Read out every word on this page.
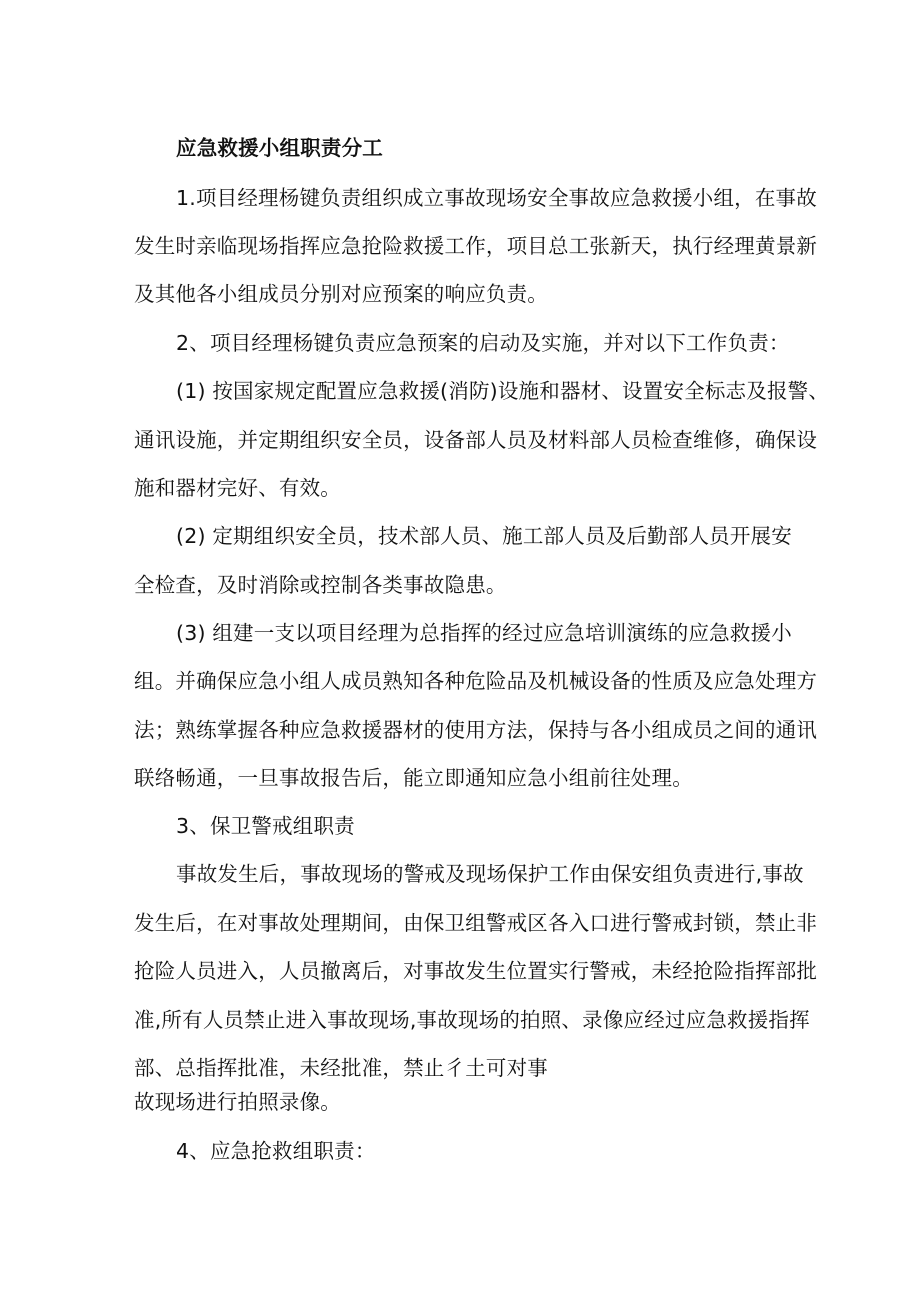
应急救援小组职责分工
1.项目经理杨键负责组织成立事故现场安全事故应急救援小组，在事故
发生时亲临现场指挥应急抢险救援工作，项目总工张新天，执行经理黄景新
及其他各小组成员分别对应预案的响应负责。
2、项目经理杨键负责应急预案的启动及实施，并对以下工作负责：
(1) 按国家规定配置应急救援(消防)设施和器材、设置安全标志及报警、
通讯设施，并定期组织安全员，设备部人员及材料部人员检查维修，确保设
施和器材完好、有效。
(2) 定期组织安全员，技术部人员、施工部人员及后勤部人员开展安
全检查，及时消除或控制各类事故隐患。
(3) 组建一支以项目经理为总指挥的经过应急培训演练的应急救援小
组。并确保应急小组人成员熟知各种危险品及机械设备的性质及应急处理方
法；熟练掌握各种应急救援器材的使用方法，保持与各小组成员之间的通讯
联络畅通，一旦事故报告后，能立即通知应急小组前往处理。
3、保卫警戒组职责
事故发生后，事故现场的警戒及现场保护工作由保安组负责进行,事故
发生后，在对事故处理期间，由保卫组警戒区各入口进行警戒封锁，禁止非
抢险人员进入，人员撤离后，对事故发生位置实行警戒，未经抢险指挥部批
准,所有人员禁止进入事故现场,事故现场的拍照、录像应经过应急救援指挥
部、总指挥批准，未经批准，禁止彳土可对事
故现场进行拍照录像。
4、应急抢救组职责：
